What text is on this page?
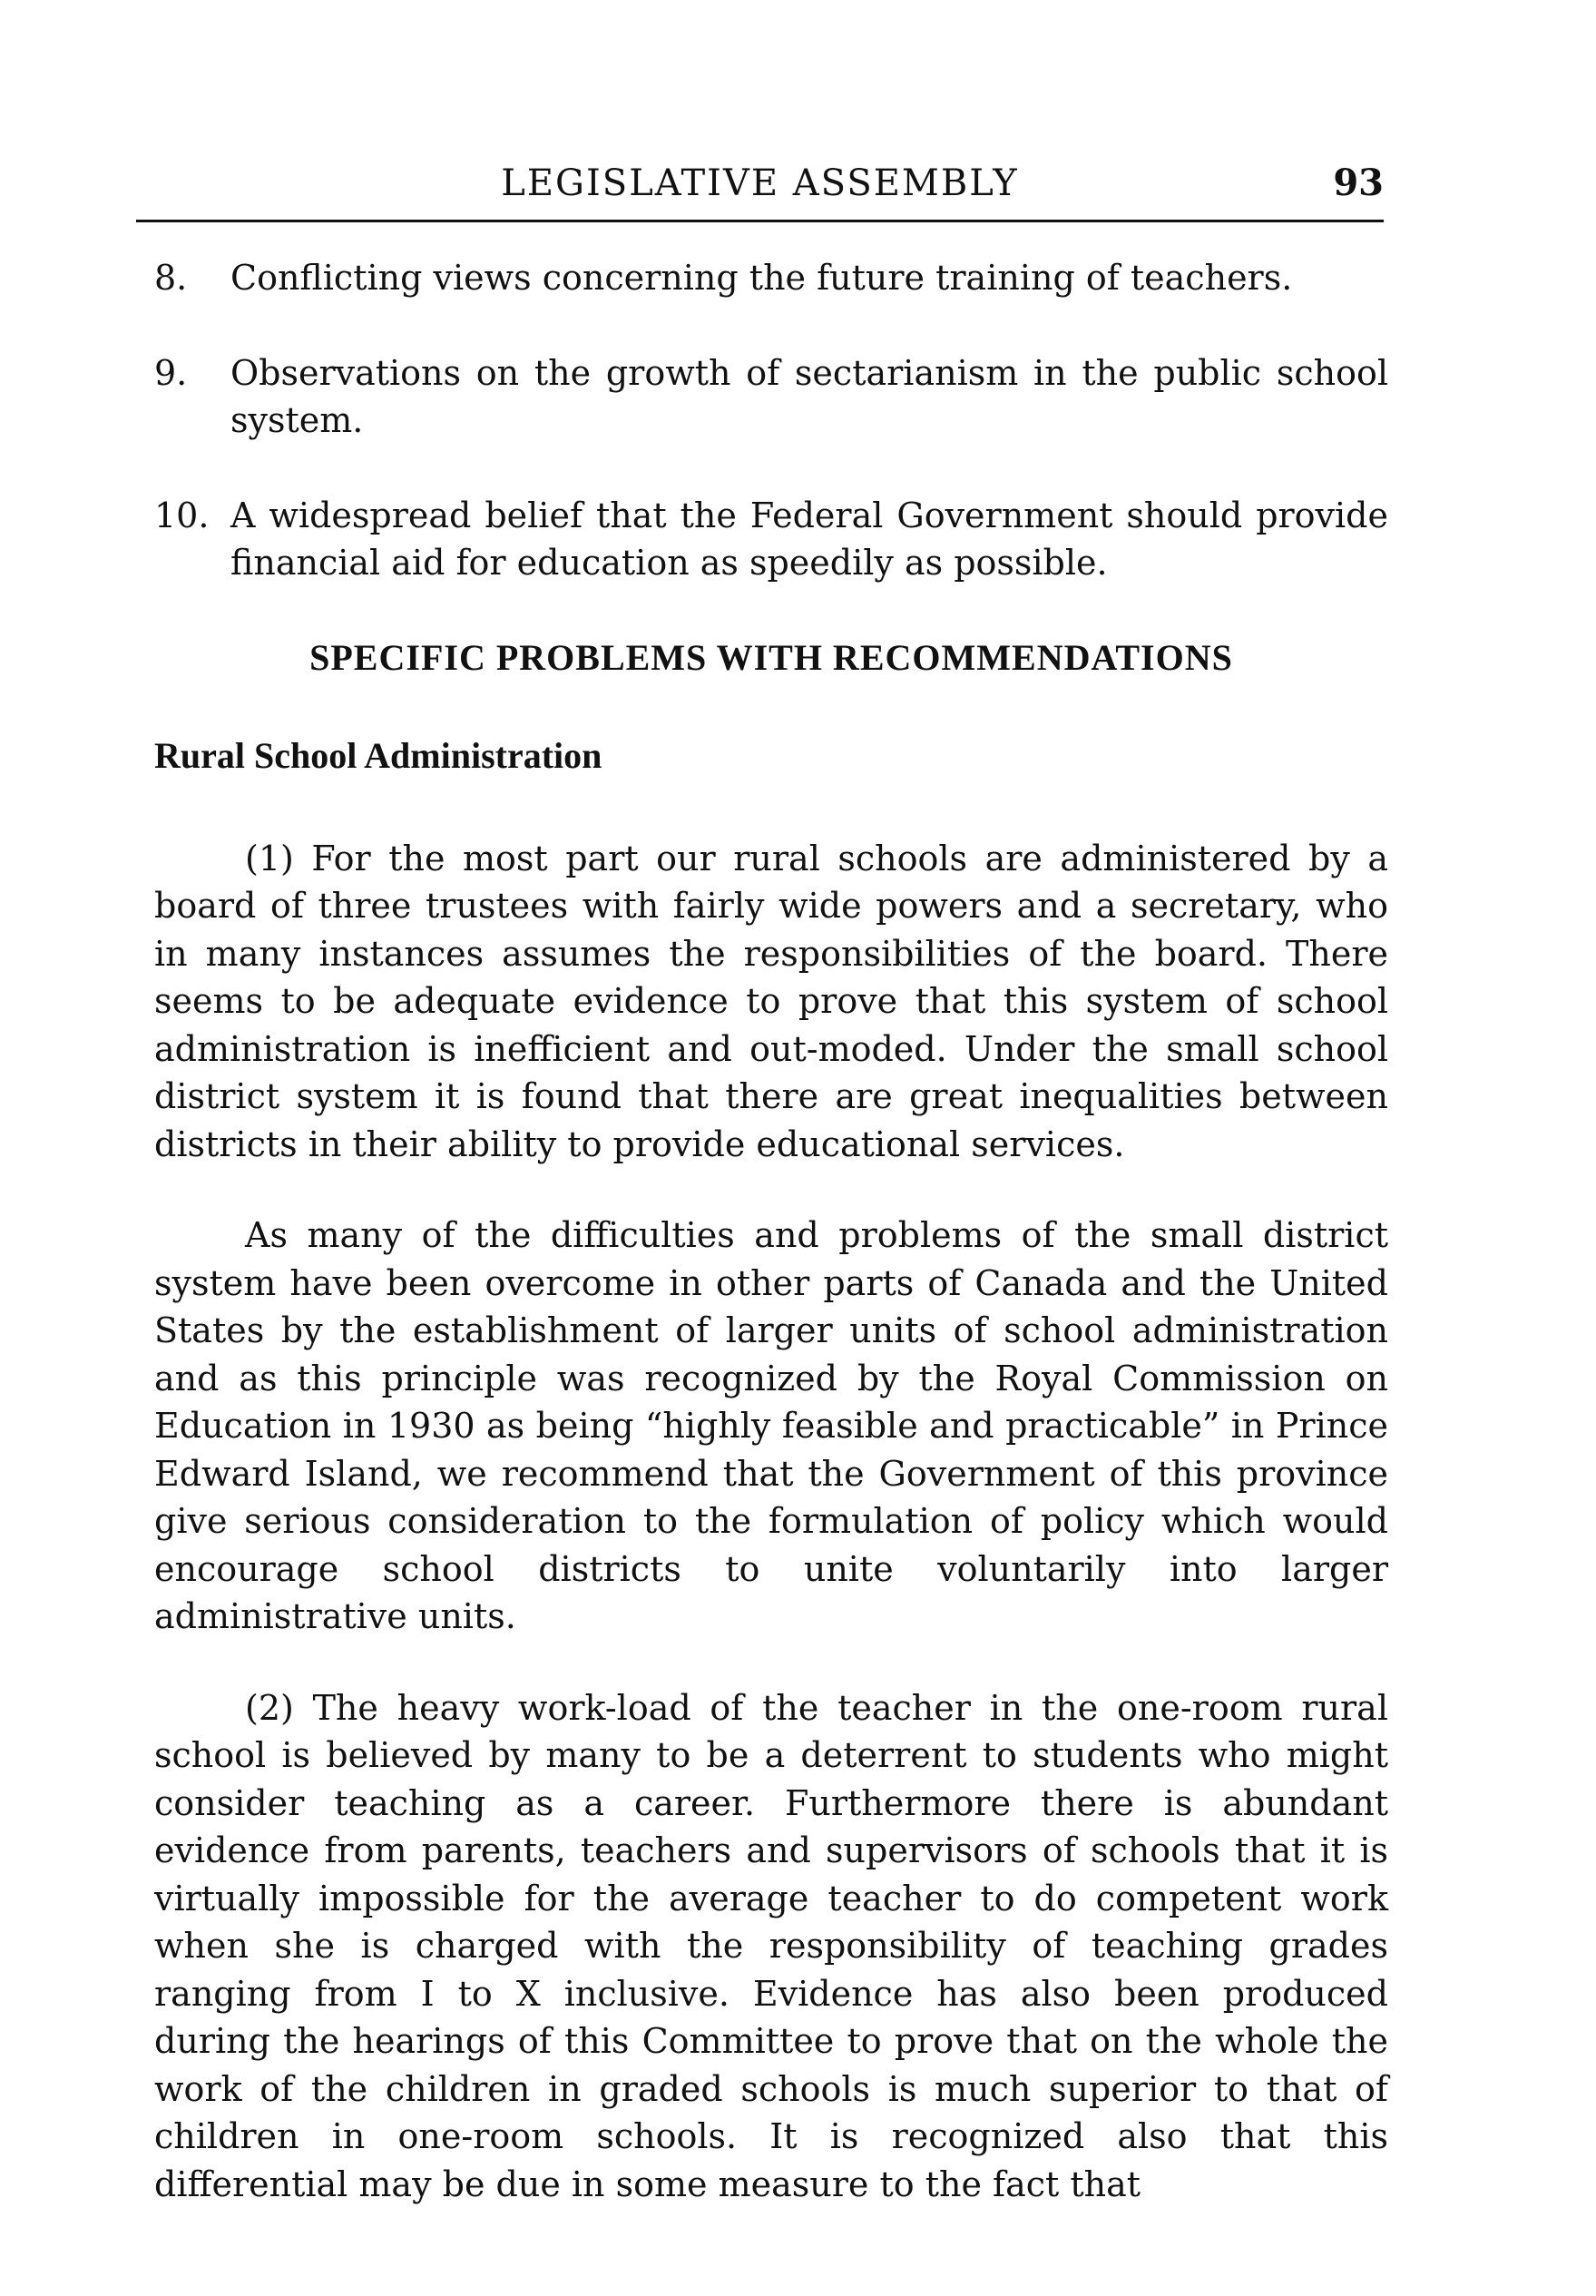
LEGISLATIVE ASSEMBLY	93
8. Conflicting views concerning the future training of teachers.
9. Observations on the growth of sectarianism in the public school system.
10. A widespread belief that the Federal Government should provide financial aid for education as speedily as possible.
SPECIFIC PROBLEMS WITH RECOMMENDATIONS
Rural School Administration

(1) For the most part our rural schools are administered by a board of three trustees with fairly wide powers and a secretary, who in many instances assumes the responsibilities of the board. There seems to be adequate evidence to prove that this system of school administration is inefficient and out-moded. Under the small school district system it is found that there are great inequalities between districts in their ability to provide educational services.

As many of the difficulties and problems of the small district system have been overcome in other parts of Canada and the United States by the establishment of larger units of school administration and as this principle was recognized by the Royal Commission on Education in 1930 as being “highly feasible and practicable” in Prince Edward Island, we recommend that the Government of this province give serious consideration to the formulation of policy which would encourage school districts to unite voluntarily into larger administrative units.

(2) The heavy work-load of the teacher in the one-room rural school is believed by many to be a deterrent to students who might consider teaching as a career. Furthermore there is abundant evidence from parents, teachers and supervisors of schools that it is virtually impossible for the average teacher to do competent work when she is charged with the responsibility of teaching grades ranging from I to X inclusive. Evidence has also been produced during the hearings of this Committee to prove that on the whole the work of the children in graded schools is much superior to that of children in one-room schools. It is recognized also that this differential may be due in some measure to the fact that
